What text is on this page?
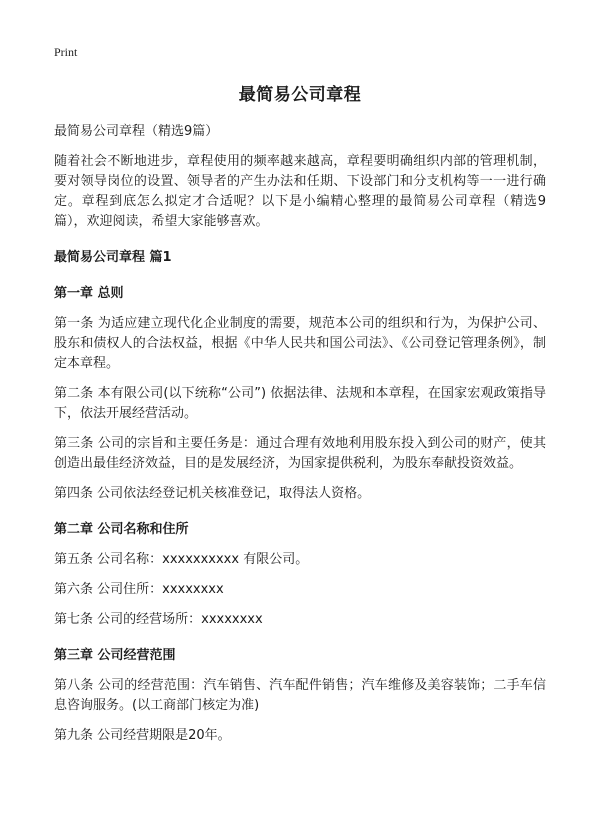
Print
最简易公司章程
最简易公司章程（精选9篇）

随着社会不断地进步，章程使用的频率越来越高，章程要明确组织内部的管理机制，要对领导岗位的设置、领导者的产生办法和任期、下设部门和分支机构等一一进行确定。章程到底怎么拟定才合适呢？以下是小编精心整理的最简易公司章程（精选9篇），欢迎阅读，希望大家能够喜欢。

最简易公司章程 篇1
第一章 总则

第一条 为适应建立现代化企业制度的需要，规范本公司的组织和行为，为保护公司、股东和债权人的合法权益，根据《中华人民共和国公司法》、《公司登记管理条例》，制定本章程。

第二条 本有限公司(以下统称“公司”) 依据法律、法规和本章程，在国家宏观政策指导下，依法开展经营活动。

第三条 公司的宗旨和主要任务是：通过合理有效地利用股东投入到公司的财产，使其创造出最佳经济效益，目的是发展经济，为国家提供税利，为股东奉献投资效益。

第四条 公司依法经登记机关核准登记，取得法人资格。

第二章 公司名称和住所

第五条 公司名称：xxxxxxxxxx 有限公司。

第六条 公司住所：xxxxxxxx

第七条 公司的经营场所：xxxxxxxx

第三章 公司经营范围

第八条 公司的经营范围：汽车销售、汽车配件销售；汽车维修及美容装饰；二手车信息咨询服务。(以工商部门核定为准)

第九条 公司经营期限是20年。
